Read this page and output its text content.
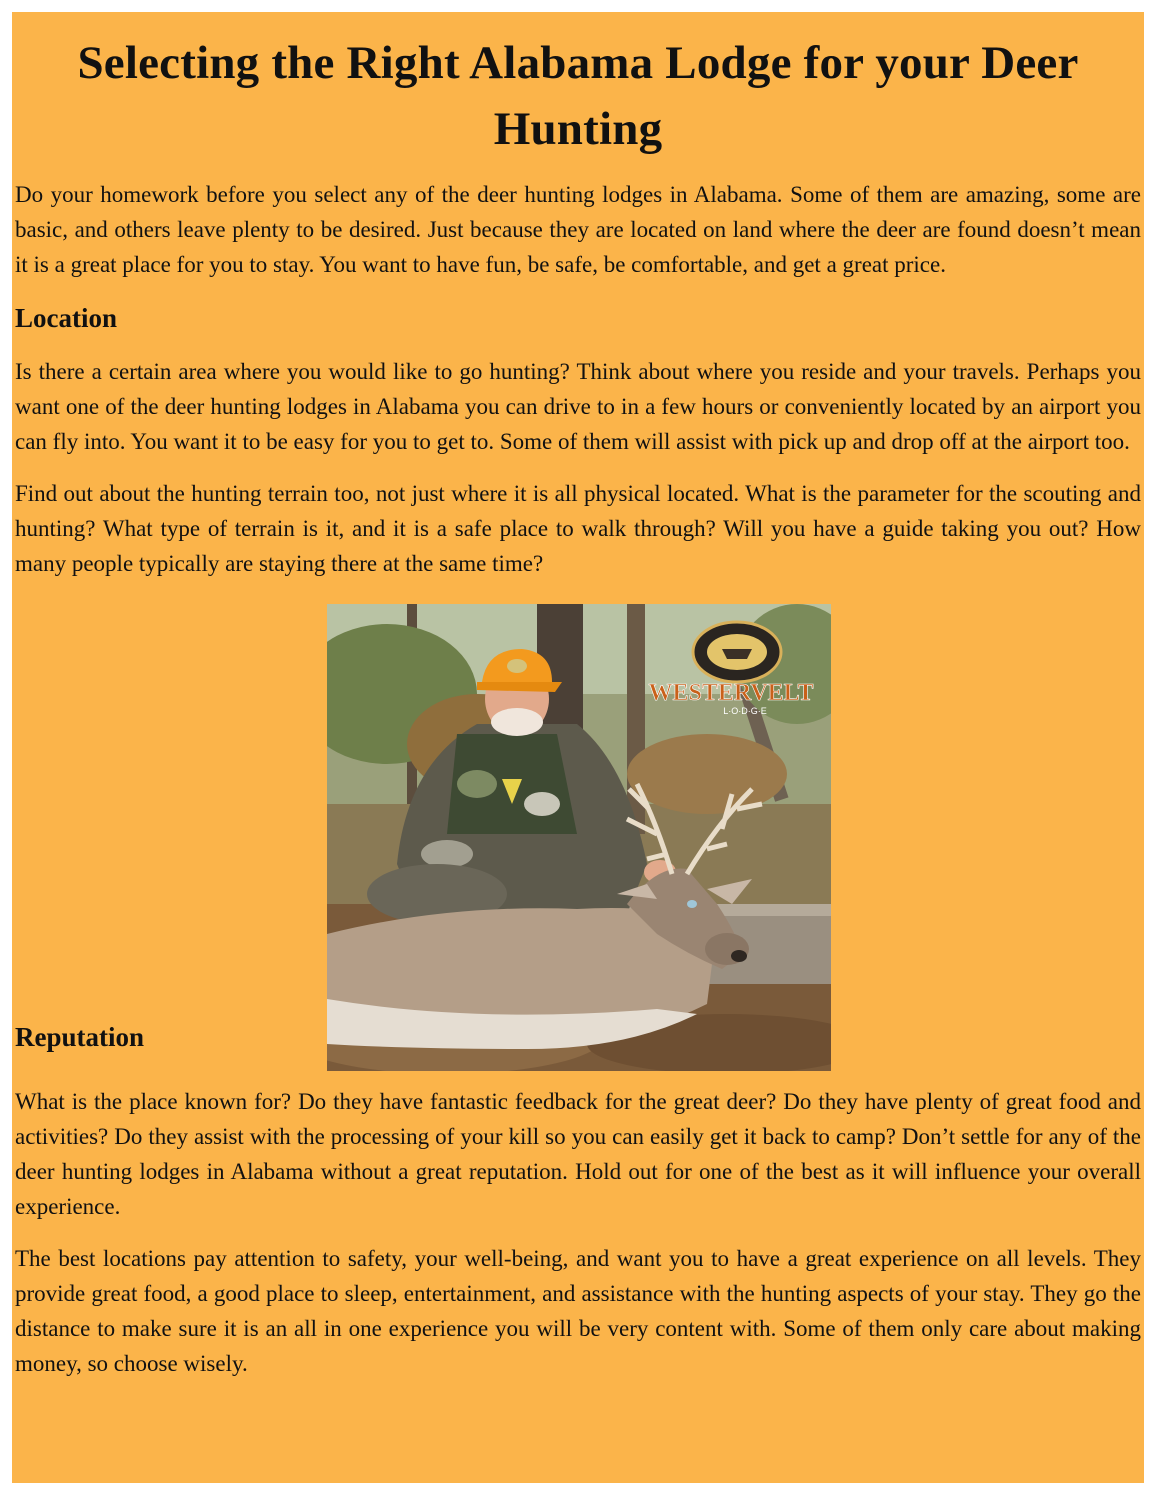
Selecting the Right Alabama Lodge for your Deer Hunting

Do your homework before you select any of the deer hunting lodges in Alabama. Some of them are amazing, some are basic, and others leave plenty to be desired. Just because they are located on land where the deer are found doesn’t mean it is a great place for you to stay. You want to have fun, be safe, be comfortable, and get a great price.

Location

Is there a certain area where you would like to go hunting? Think about where you reside and your travels. Perhaps you want one of the deer hunting lodges in Alabama you can drive to in a few hours or conveniently located by an airport you can fly into. You want it to be easy for you to get to. Some of them will assist with pick up and drop off at the airport too.

Find out about the hunting terrain too, not just where it is all physical located. What is the parameter for the scouting and hunting? What type of terrain is it, and it is a safe place to walk through? Will you have a guide taking you out? How many people typically are staying there at the same time?

WESTERVELT
L·O·D·G·E
Reputation

What is the place known for? Do they have fantastic feedback for the great deer? Do they have plenty of great food and activities? Do they assist with the processing of your kill so you can easily get it back to camp? Don’t settle for any of the deer hunting lodges in Alabama without a great reputation. Hold out for one of the best as it will influence your overall experience.

The best locations pay attention to safety, your well-being, and want you to have a great experience on all levels. They provide great food, a good place to sleep, entertainment, and assistance with the hunting aspects of your stay. They go the distance to make sure it is an all in one experience you will be very content with. Some of them only care about making money, so choose wisely.
